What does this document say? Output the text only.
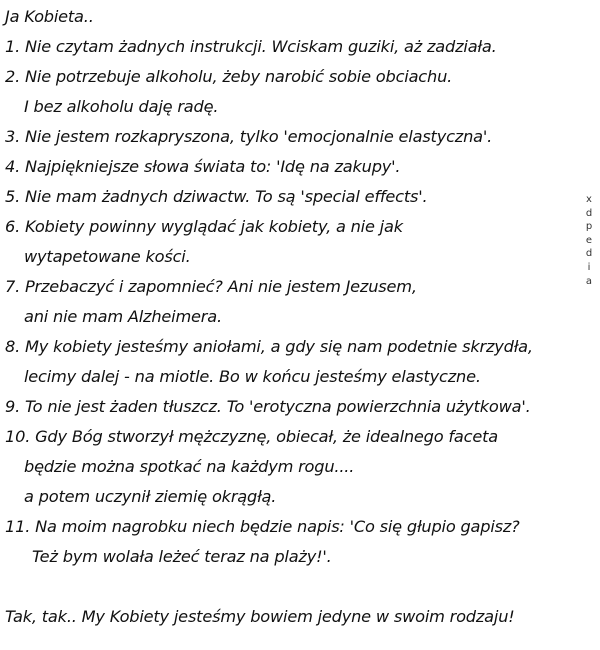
Ja Kobieta..
1. Nie czytam żadnych instrukcji. Wciskam guziki, aż zadziała.
2. Nie potrzebuje alkoholu, żeby narobić sobie obciachu.
I bez alkoholu daję radę.
3. Nie jestem rozkapryszona, tylko 'emocjonalnie elastyczna'.
4. Najpiękniejsze słowa świata to: 'Idę na zakupy'.
5. Nie mam żadnych dziwactw. To są 'special effects'.
6. Kobiety powinny wyglądać jak kobiety, a nie jak
wytapetowane kości.
7. Przebaczyć i zapomnieć? Ani nie jestem Jezusem,
ani nie mam Alzheimera.
8. My kobiety jesteśmy aniołami, a gdy się nam podetnie skrzydła,
lecimy dalej - na miotle. Bo w końcu jesteśmy elastyczne.
9. To nie jest żaden tłuszcz. To 'erotyczna powierzchnia użytkowa'.
10. Gdy Bóg stworzył mężczyznę, obiecał, że idealnego faceta
będzie można spotkać na każdym rogu....
a potem uczynił ziemię okrągłą.
11. Na moim nagrobku niech będzie napis: 'Co się głupio gapisz?
Też bym wolała leżeć teraz na plaży!'.
Tak, tak.. My Kobiety jesteśmy bowiem jedyne w swoim rodzaju!
x
d
p
e
d
i
a
